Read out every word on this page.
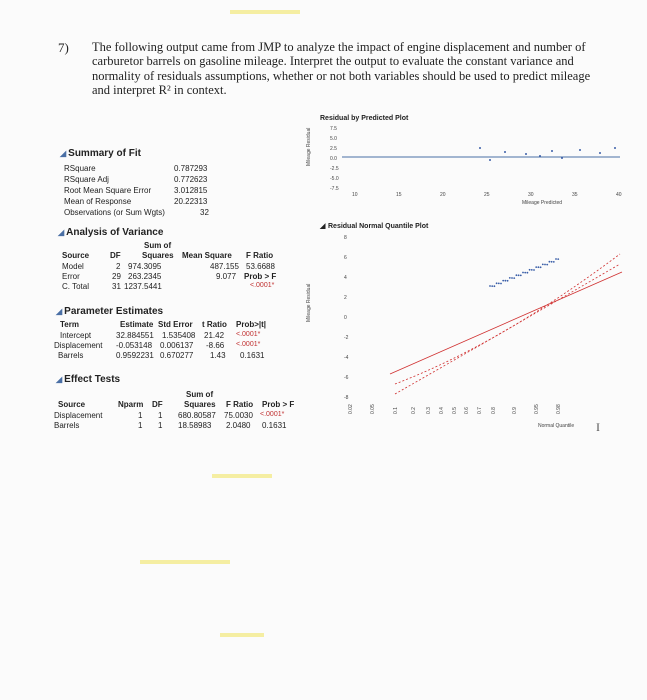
7) The following output came from JMP to analyze the impact of engine displacement and number of carburetor barrels on gasoline mileage. Interpret the output to evaluate the constant variance and normality of residuals assumptions, whether or not both variables should be used to predict mileage and interpret R² in context.
◢ Summary of Fit
RSquare	0.787293
RSquare Adj	0.772623
Root Mean Square Error	3.012815
Mean of Response	20.22313
Observations (or Sum Wgts)	32
◢ Analysis of Variance
Sum of
Source	DF	Squares Mean Square F Ratio
Model	2 974.3095	487.155 53.6688
Error	29 263.2345	9.077 Prob > F
C. Total	31 1237.5441	<.0001*
◢ Parameter Estimates
Term	Estimate Std Error t Ratio Prob>|t|
Intercept	32.884551 1.535408 21.42 <.0001*
Displacement -0.053148 0.006137 -8.66 <.0001*
Barrels	0.9592231 0.670277 1.43 0.1631
◢ Effect Tests
Sum of
Source	Nparm DF	Squares F Ratio Prob > F
Displacement	1 1 680.80587 75.0030 <.0001*
Barrels	1 1 18.58983 2.0480 0.1631
Residual by Predicted Plot
Mileage Residual	7.5
5.0
2.5
0.0
-2.5
-5.0
-7.5
10	15	20	25	30	35	40
Mileage Predicted
◢ Residual Normal Quantile Plot
Mileage Residual
8
6
4
2
0
-2
-4
-6
-8
0.02	0.05	0.1 0.2 0.3 0.4 0.5 0.6 0.7 0.8	0.9	0.95	0.98
Normal Quantile I
